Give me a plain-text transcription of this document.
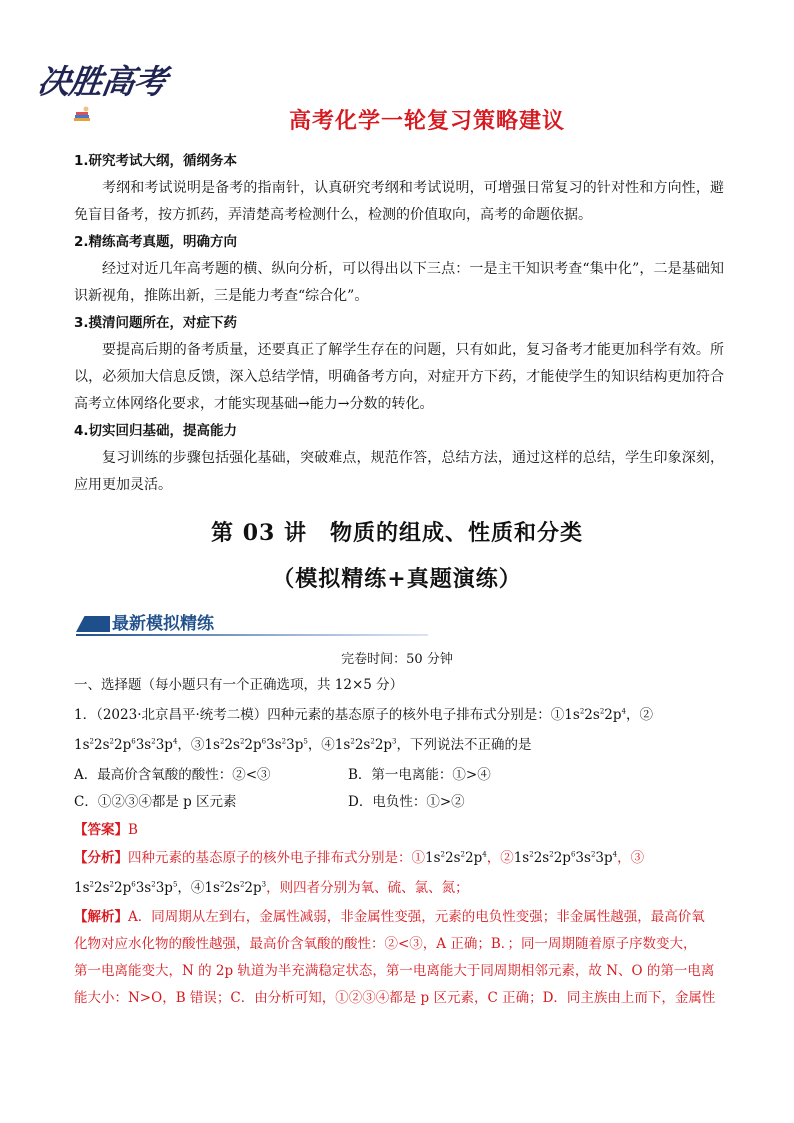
决胜高考
高考化学一轮复习策略建议
1.研究考试大纲，循纲务本
考纲和考试说明是备考的指南针，认真研究考纲和考试说明，可增强日常复习的针对性和方向性，避免盲目备考，按方抓药，弄清楚高考检测什么，检测的价值取向，高考的命题依据。
2.精练高考真题，明确方向
经过对近几年高考题的横、纵向分析，可以得出以下三点：一是主干知识考查“集中化”，二是基础知识新视角，推陈出新，三是能力考查“综合化”。
3.摸清问题所在，对症下药
要提高后期的备考质量，还要真正了解学生存在的问题，只有如此，复习备考才能更加科学有效。所以，必须加大信息反馈，深入总结学情，明确备考方向，对症开方下药，才能使学生的知识结构更加符合高考立体网络化要求，才能实现基础→能力→分数的转化。
4.切实回归基础，提高能力
复习训练的步骤包括强化基础，突破难点，规范作答，总结方法，通过这样的总结，学生印象深刻，应用更加灵活。
第 03 讲　物质的组成、性质和分类
（模拟精练+真题演练）
最新模拟精练
完卷时间：50 分钟
一、选择题（每小题只有一个正确选项，共 12×5 分）
1．（2023·北京昌平·统考二模）四种元素的基态原子的核外电子排布式分别是：$①1s^22s^22p^4$，②
$1s^22s^22p^63s^23p^4$，$③1s^22s^22p^63s^23p^5$，$④1s^22s^22p^3$，下列说法不正确的是
A．最高价含氧酸的酸性：②<③	B．第一电离能：①>④
C．①②③④都是 p 区元素	D．电负性：①>②
【答案】B
【分析】四种元素的基态原子的核外电子排布式分别是：$①1s^22s^22p^4$，$②1s^22s^22p^63s^23p^4$，③
$1s^22s^22p^63s^23p^5$，$④1s^22s^22p^3$，则四者分别为氧、硫、氯、氮；
【解析】A．同周期从左到右，金属性减弱，非金属性变强，元素的电负性变强；非金属性越强，最高价氧
化物对应水化物的酸性越强，最高价含氧酸的酸性：②<③，A 正确；B．；同一周期随着原子序数变大，
第一电离能变大，N 的 2p 轨道为半充满稳定状态，第一电离能大于同周期相邻元素，故 N、O 的第一电离
能大小：N>O，B 错误；C．由分析可知，①②③④都是 p 区元素，C 正确；D．同主族由上而下，金属性
